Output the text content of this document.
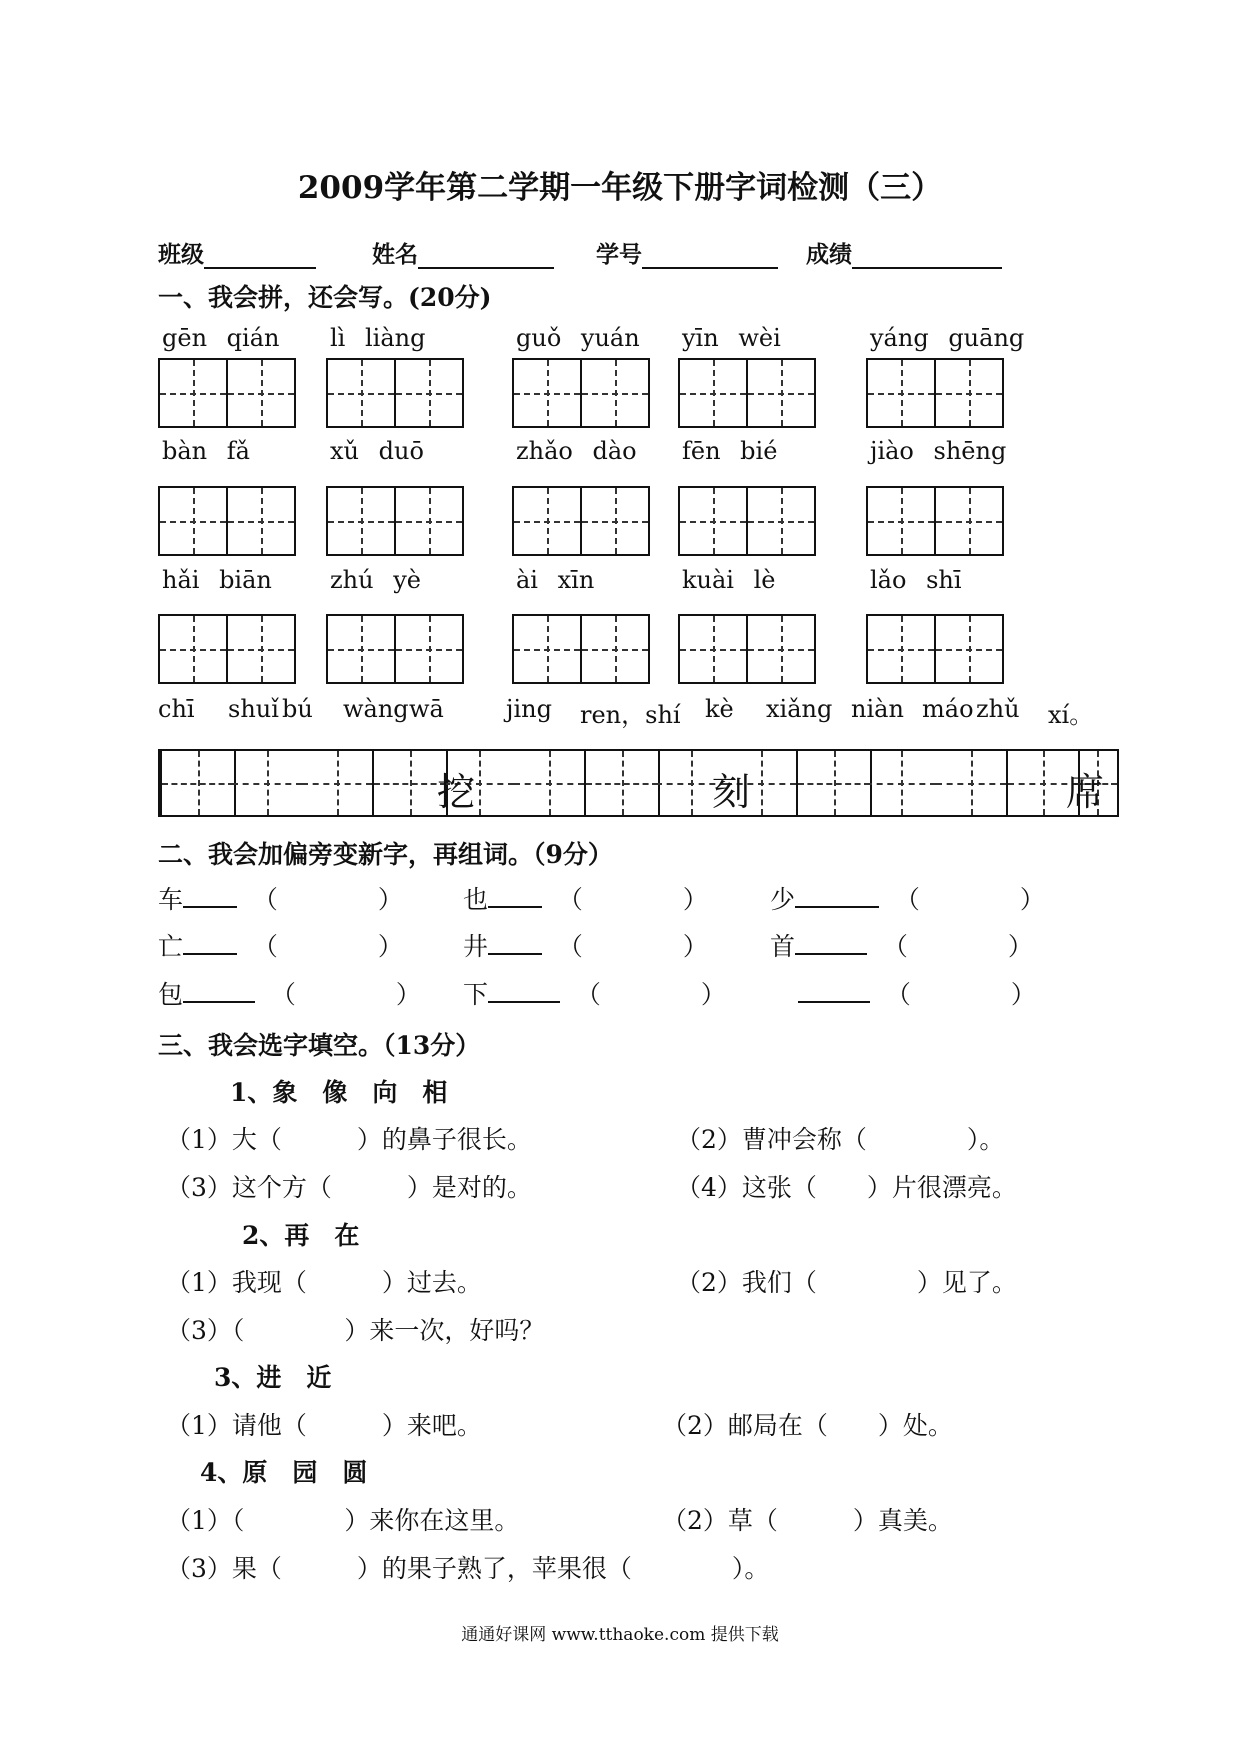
2009学年第二学期一年级下册字词检测（三）
班级	姓名	学号	成绩
一、我会拼，还会写。(20分)
gēn qián lì liàng	guǒ yuán yīn wèi	yáng guāng
bàn fǎ	xǔ duō	zhǎo dào fēn bié	jiào shēng
hǎi biān zhú yè	ài xīn	kuài lè	lǎo shī
chī shuǐ bú wàng wā	jing ren，shí kè xiǎng niàn máo zhǔ xí。
挖	刻	席
二、我会加偏旁变新字，再组词。（9分）
车  （　　　　） 也  （　　　　） 少	（　　　　）
亡  （　　　　） 井  （　　　　） 首	（　　　　）
包	（　　　　） 下	（　　　　）	（　　　　）
三、我会选字填空。（13分）
1、象　像　向　相
（1）大（　　　）的鼻子很长。	（2）曹冲会称（　　　　）。
（3）这个方（　　　）是对的。	（4）这张（　　）片很漂亮。
2、再　在
（1）我现（　　　）过去。	（2）我们（　　　　）见了。
（3）（　　　　）来一次，好吗？
3、进　近
（1）请他（　　　）来吧。	（2）邮局在（　　）处。
4、原　园　圆
（1）（　　　　）来你在这里。	（2）草（　　　）真美。
（3）果（　　　）的果子熟了，苹果很（　　　　）。
通通好课网 www.tthaoke.com 提供下载
